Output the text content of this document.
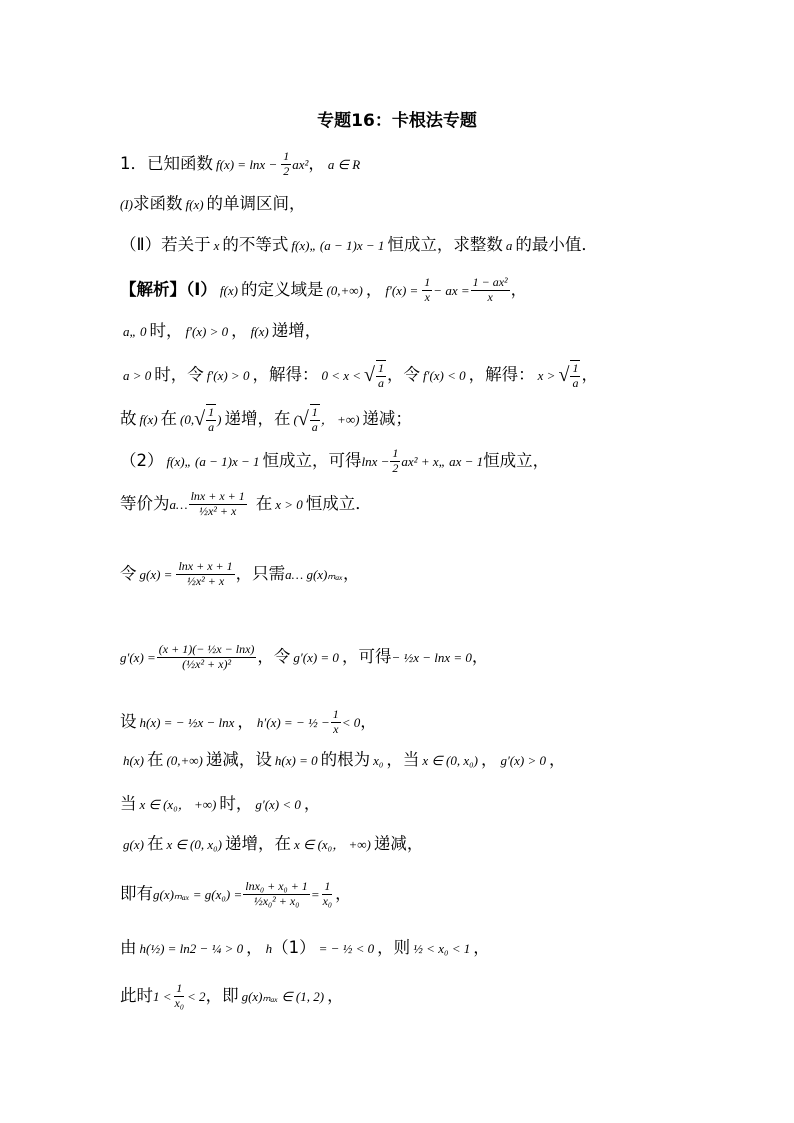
专题16：卡根法专题
1． 已知函数 $f(x) = \ln x - \frac{1}{2} ax^2$ ， a ∈ R
(I) 求函数 f(x) 的单调区间，
（Ⅱ）若关于 x 的不等式 f(x)„ (a − 1)x − 1 恒成立，求整数 a 的最小值．
【解析】（Ⅰ） f(x) 的定义域是 (0,+∞) ， $f'(x) = \frac{1}{x}$ − ax = $\frac{\text{1 − ax²}}{x}$ ，
a„ 0 时， f′(x) > 0 ， f(x) 递增，
a > 0 时，令 f′(x) > 0 ，解得： 0 < x < √ $\frac{1}{a}$ ，令 f′(x) < 0 ，解得： x > √ $\frac{1}{a}$ ，
故 f(x) 在 (0, √ $\frac{1}{a}$ ) 递增，在 ( √ $\frac{1}{a}$ ， +∞) 递减；
（2） f(x)„ (a − 1)x − 1 恒成立，可得 $\ln x - \frac{1}{2} ax^2$ + x„ ax − 1 恒成立，
等价为 a… $\frac{\ln x + x + 1}{\text{½x² + x}}$ 在 x > 0 恒成立．
令 $g(x) = \frac{\ln x + x + 1}{\text{½x² + x}}$ ，只需 a… g(x)ₘₐₓ ，
$g'(x) = \frac{\text{(x + 1)(− ½x − lnx)}}{\text{(½x² + x)²}}$ ，令 g′(x) = 0 ，可得 − ½x − lnx = 0 ，
设 h(x) = − ½x − lnx ， h′(x) = − ½ − $\frac{1}{x} < 0$ ，
h(x) 在 (0,+∞) 递减，设 h(x) = 0 的根为 x₀ ，当 x ∈ (0, x₀) ， g′(x) > 0 ，
当 x ∈ (x₀， +∞) 时， g′(x) < 0 ，
g(x) 在 x ∈ (0, x₀) 递增，在 x ∈ (x₀， +∞) 递减，
即有 $g(x)_{max} = g(x_0) = \frac{\text{lnx₀ + x₀ + 1}}{\text{½x₀² + x₀}} = \frac{1}{\text{x₀}}$ ，
由 h(½) = ln2 − ¼ > 0 ， h （1） = − ½ < 0 ，则 ½ < x₀ < 1 ，
此时 $1 < \frac{1}{\text{x₀}} < 2$ ，即 g(x)ₘₐₓ ∈ (1, 2) ，
